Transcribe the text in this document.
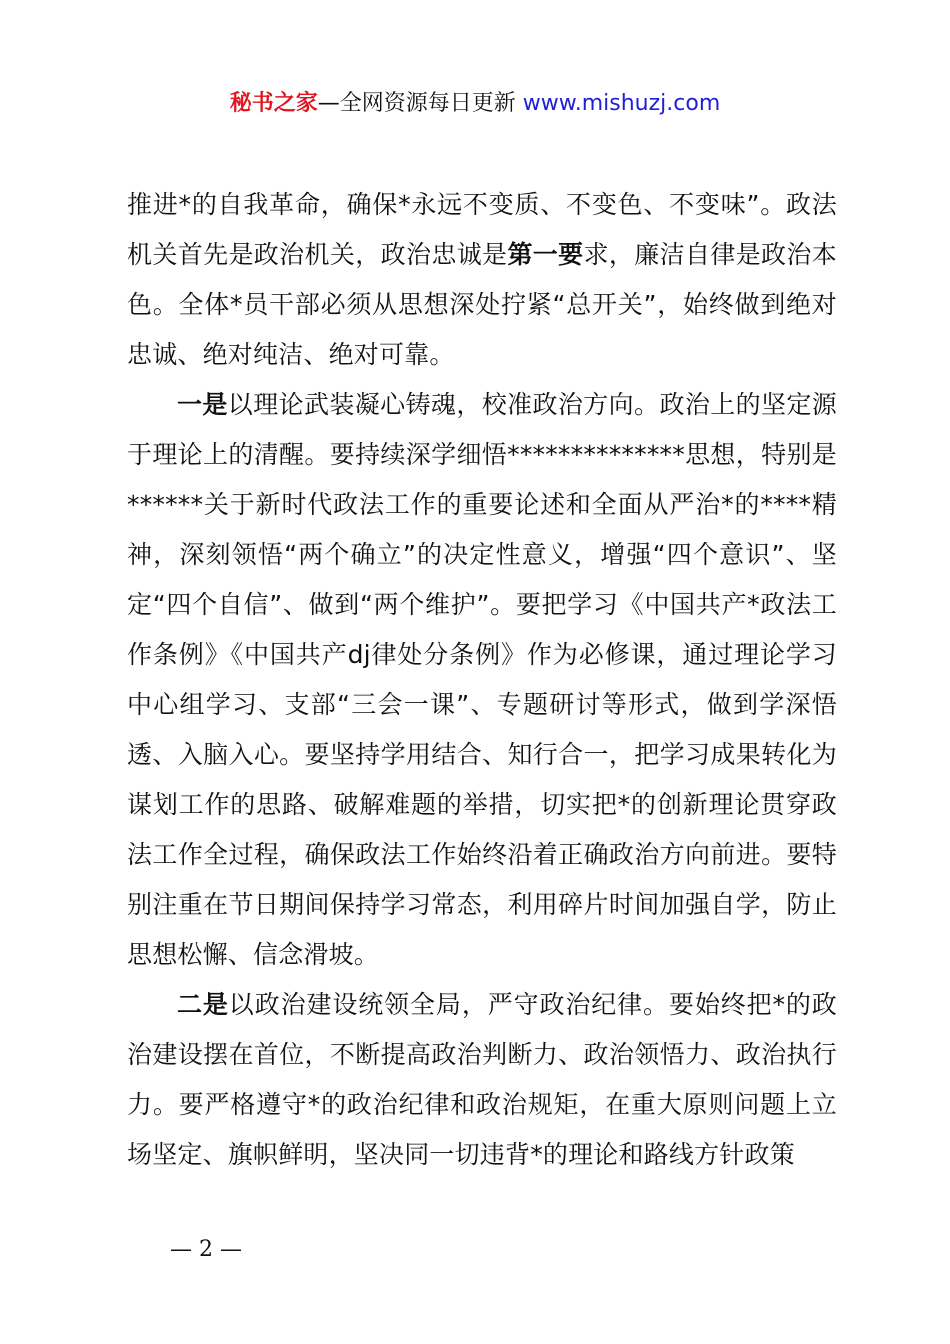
秘书之家—全网资源每日更新 www.mishuzj.com

推进*的自我革命，确保*永远不变质、不变色、不变味”。政法机关首先是政治机关，政治忠诚是第一要求，廉洁自律是政治本色。全体*员干部必须从思想深处拧紧“总开关”，始终做到绝对忠诚、绝对纯洁、绝对可靠。

一是以理论武装凝心铸魂，校准政治方向。政治上的坚定源于理论上的清醒。要持续深学细悟**************思想，特别是******关于新时代政法工作的重要论述和全面从严治*的****精神，深刻领悟“两个确立”的决定性意义，增强“四个意识”、坚定“四个自信”、做到“两个维护”。要把学习《中国共产*政法工作条例》《中国共产dj律处分条例》作为必修课，通过理论学习中心组学习、支部“三会一课”、专题研讨等形式，做到学深悟透、入脑入心。要坚持学用结合、知行合一，把学习成果转化为谋划工作的思路、破解难题的举措，切实把*的创新理论贯穿政法工作全过程，确保政法工作始终沿着正确政治方向前进。要特别注重在节日期间保持学习常态，利用碎片时间加强自学，防止思想松懈、信念滑坡。

二是以政治建设统领全局，严守政治纪律。要始终把*的政治建设摆在首位，不断提高政治判断力、政治领悟力、政治执行力。要严格遵守*的政治纪律和政治规矩，在重大原则问题上立场坚定、旗帜鲜明，坚决同一切违背*的理论和路线方针政策

— 2 —
